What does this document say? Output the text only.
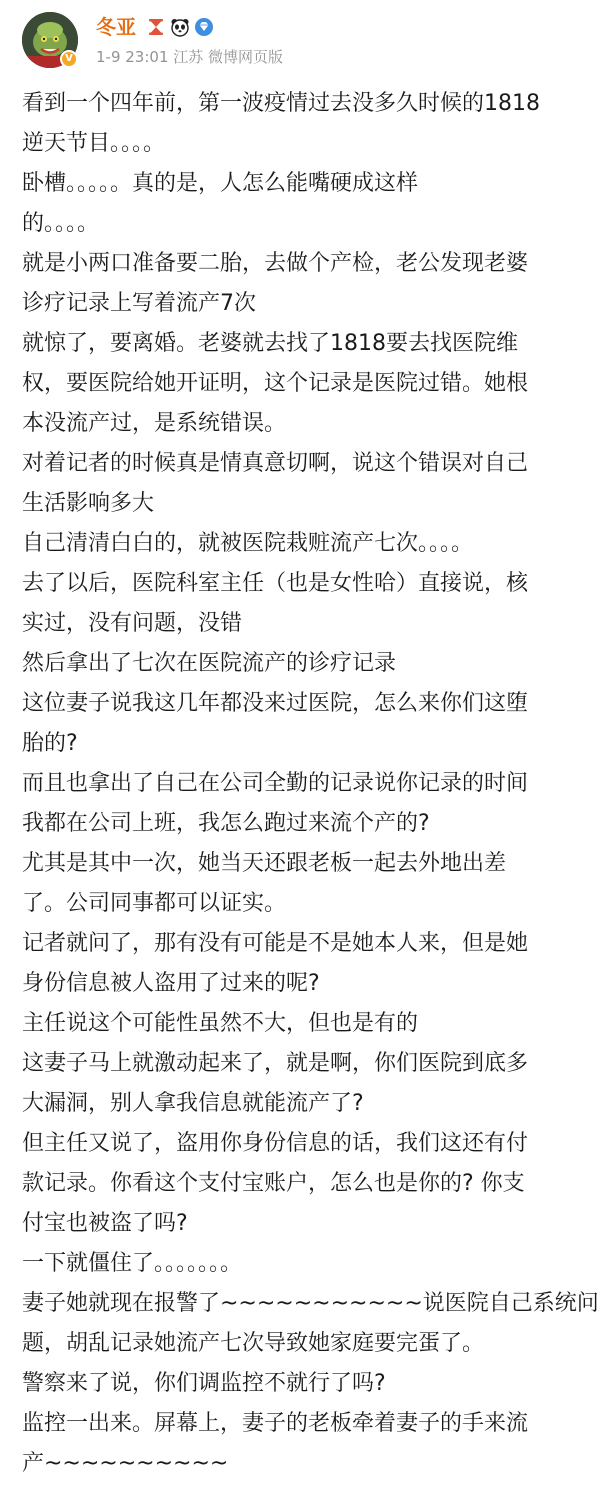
V
冬亚
1-9 23:01 江苏 微博网页版
看到一个四年前，第一波疫情过去没多久时候的1818
逆天节目。。。。
卧槽。。。。。真的是，人怎么能嘴硬成这样
的。。。。
就是小两口准备要二胎，去做个产检，老公发现老婆
诊疗记录上写着流产7次
就惊了，要离婚。老婆就去找了1818要去找医院维
权，要医院给她开证明，这个记录是医院过错。她根
本没流产过，是系统错误。
对着记者的时候真是情真意切啊，说这个错误对自己
生活影响多大
自己清清白白的，就被医院栽赃流产七次。。。。
去了以后，医院科室主任（也是女性哈）直接说，核
实过，没有问题，没错
然后拿出了七次在医院流产的诊疗记录
这位妻子说我这几年都没来过医院，怎么来你们这堕
胎的?
而且也拿出了自己在公司全勤的记录说你记录的时间
我都在公司上班，我怎么跑过来流个产的?
尤其是其中一次，她当天还跟老板一起去外地出差
了。公司同事都可以证实。
记者就问了，那有没有可能是不是她本人来，但是她
身份信息被人盗用了过来的呢?
主任说这个可能性虽然不大，但也是有的
这妻子马上就激动起来了，就是啊，你们医院到底多
大漏洞，别人拿我信息就能流产了?
但主任又说了，盗用你身份信息的话，我们这还有付
款记录。你看这个支付宝账户，怎么也是你的? 你支
付宝也被盗了吗?
一下就僵住了。。。。。。。
妻子她就现在报警了~~~~~~~~~~~说医院自己系统问
题，胡乱记录她流产七次导致她家庭要完蛋了。
警察来了说，你们调监控不就行了吗?
监控一出来。屏幕上，妻子的老板牵着妻子的手来流
产~~~~~~~~~~
